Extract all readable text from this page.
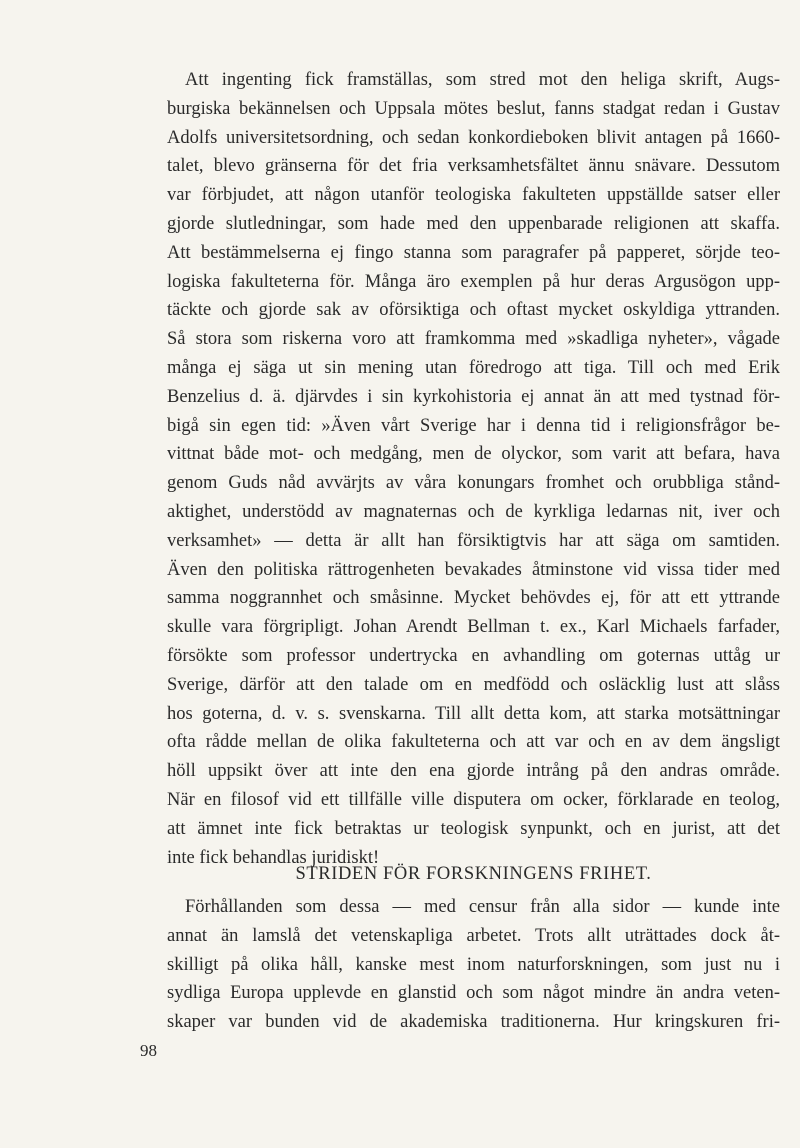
Att ingenting fick framställas, som stred mot den heliga skrift, Augs-
burgiska bekännelsen och Uppsala mötes beslut, fanns stadgat redan i Gustav
Adolfs universitetsordning, och sedan konkordieboken blivit antagen på 1660-
talet, blevo gränserna för det fria verksamhetsfältet ännu snävare. Dessutom
var förbjudet, att någon utanför teologiska fakulteten uppställde satser eller
gjorde slutledningar, som hade med den uppenbarade religionen att skaffa.
Att bestämmelserna ej fingo stanna som paragrafer på papperet, sörjde teo-
logiska fakulteterna för. Många äro exemplen på hur deras Argusögon upp-
täckte och gjorde sak av oförsiktiga och oftast mycket oskyldiga yttranden.
Så stora som riskerna voro att framkomma med »skadliga nyheter», vågade
många ej säga ut sin mening utan föredrogo att tiga. Till och med Erik
Benzelius d. ä. djärvdes i sin kyrkohistoria ej annat än att med tystnad för-
bigå sin egen tid: »Även vårt Sverige har i denna tid i religionsfrågor be-
vittnat både mot- och medgång, men de olyckor, som varit att befara, hava
genom Guds nåd avvärjts av våra konungars fromhet och orubbliga stånd-
aktighet, understödd av magnaternas och de kyrkliga ledarnas nit, iver och
verksamhet» — detta är allt han försiktigtvis har att säga om samtiden.
Även den politiska rättrogenheten bevakades åtminstone vid vissa tider med
samma noggrannhet och småsinne. Mycket behövdes ej, för att ett yttrande
skulle vara förgripligt. Johan Arendt Bellman t. ex., Karl Michaels farfader,
försökte som professor undertrycka en avhandling om goternas uttåg ur
Sverige, därför att den talade om en medfödd och osläcklig lust att slåss
hos goterna, d. v. s. svenskarna. Till allt detta kom, att starka motsättningar
ofta rådde mellan de olika fakulteterna och att var och en av dem ängsligt
höll uppsikt över att inte den ena gjorde intrång på den andras område.
När en filosof vid ett tillfälle ville disputera om ocker, förklarade en teolog,
att ämnet inte fick betraktas ur teologisk synpunkt, och en jurist, att det
inte fick behandlas juridiskt!
STRIDEN FÖR FORSKNINGENS FRIHET.
Förhållanden som dessa — med censur från alla sidor — kunde inte
annat än lamslå det vetenskapliga arbetet. Trots allt uträttades dock åt-
skilligt på olika håll, kanske mest inom naturforskningen, som just nu i
sydliga Europa upplevde en glanstid och som något mindre än andra veten-
skaper var bunden vid de akademiska traditionerna. Hur kringskuren fri-
98
